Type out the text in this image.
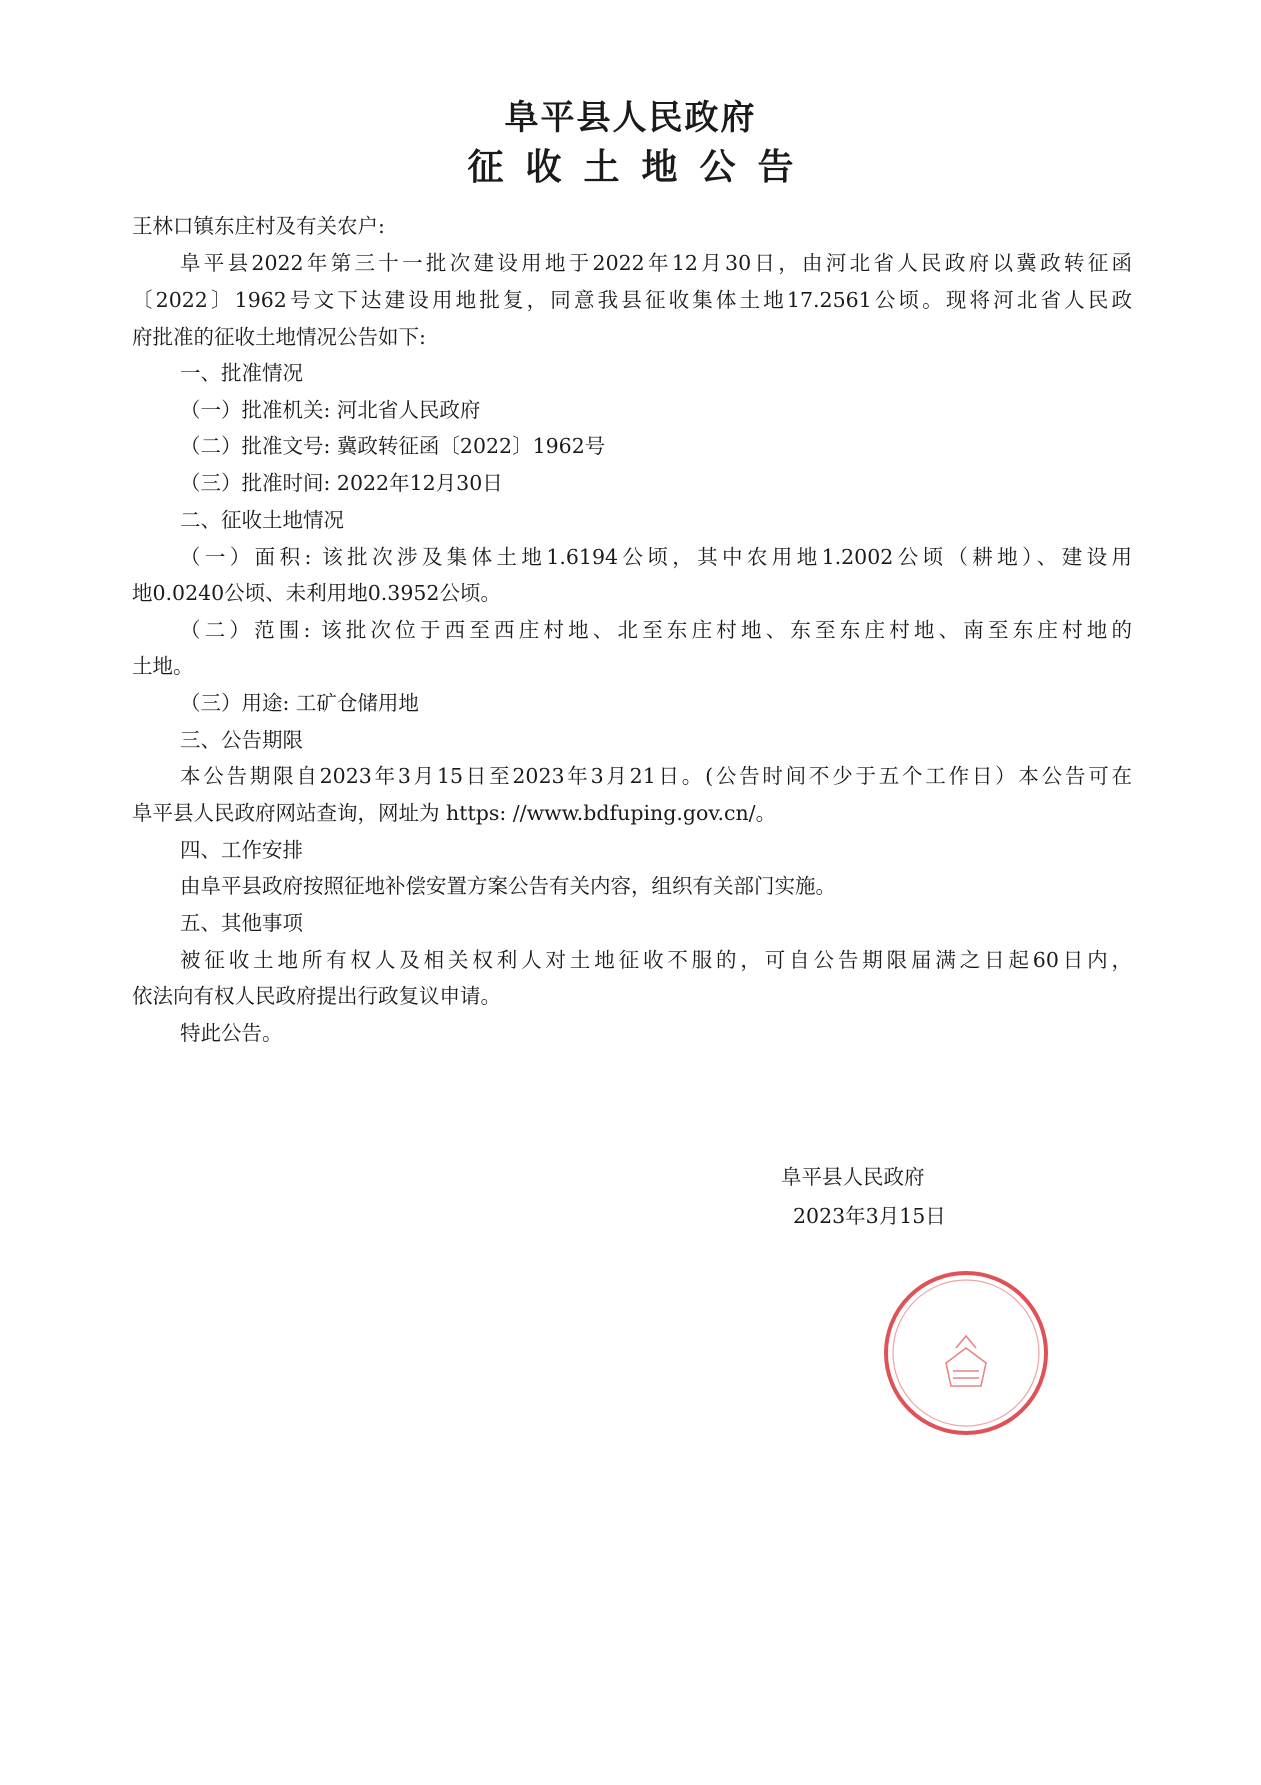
阜平县人民政府
征收土地公告
王林口镇东庄村及有关农户:
阜平县2022年第三十一批次建设用地于2022年12月30日，由河北省人民政府以冀政转征函
〔2022〕1962号文下达建设用地批复，同意我县征收集体土地17.2561公顷。现将河北省人民政
府批准的征收土地情况公告如下:
一、批准情况
（一）批准机关: 河北省人民政府
（二）批准文号: 冀政转征函〔2022〕1962号
（三）批准时间: 2022年12月30日
二、征收土地情况
（一）面积: 该批次涉及集体土地1.6194公顷，其中农用地1.2002公顷（耕地）、建设用
地0.0240公顷、未利用地0.3952公顷。
（二）范围: 该批次位于西至西庄村地、北至东庄村地、东至东庄村地、南至东庄村地的
土地。
（三）用途: 工矿仓储用地
三、公告期限
本公告期限自2023年3月15日至2023年3月21日。(公告时间不少于五个工作日）本公告可在
阜平县人民政府网站查询，网址为 https: //www.bdfuping.gov.cn/。
四、工作安排
由阜平县政府按照征地补偿安置方案公告有关内容，组织有关部门实施。
五、其他事项
被征收土地所有权人及相关权利人对土地征收不服的，可自公告期限届满之日起60日内，
依法向有权人民政府提出行政复议申请。
特此公告。
阜平县人民政府
2023年3月15日
